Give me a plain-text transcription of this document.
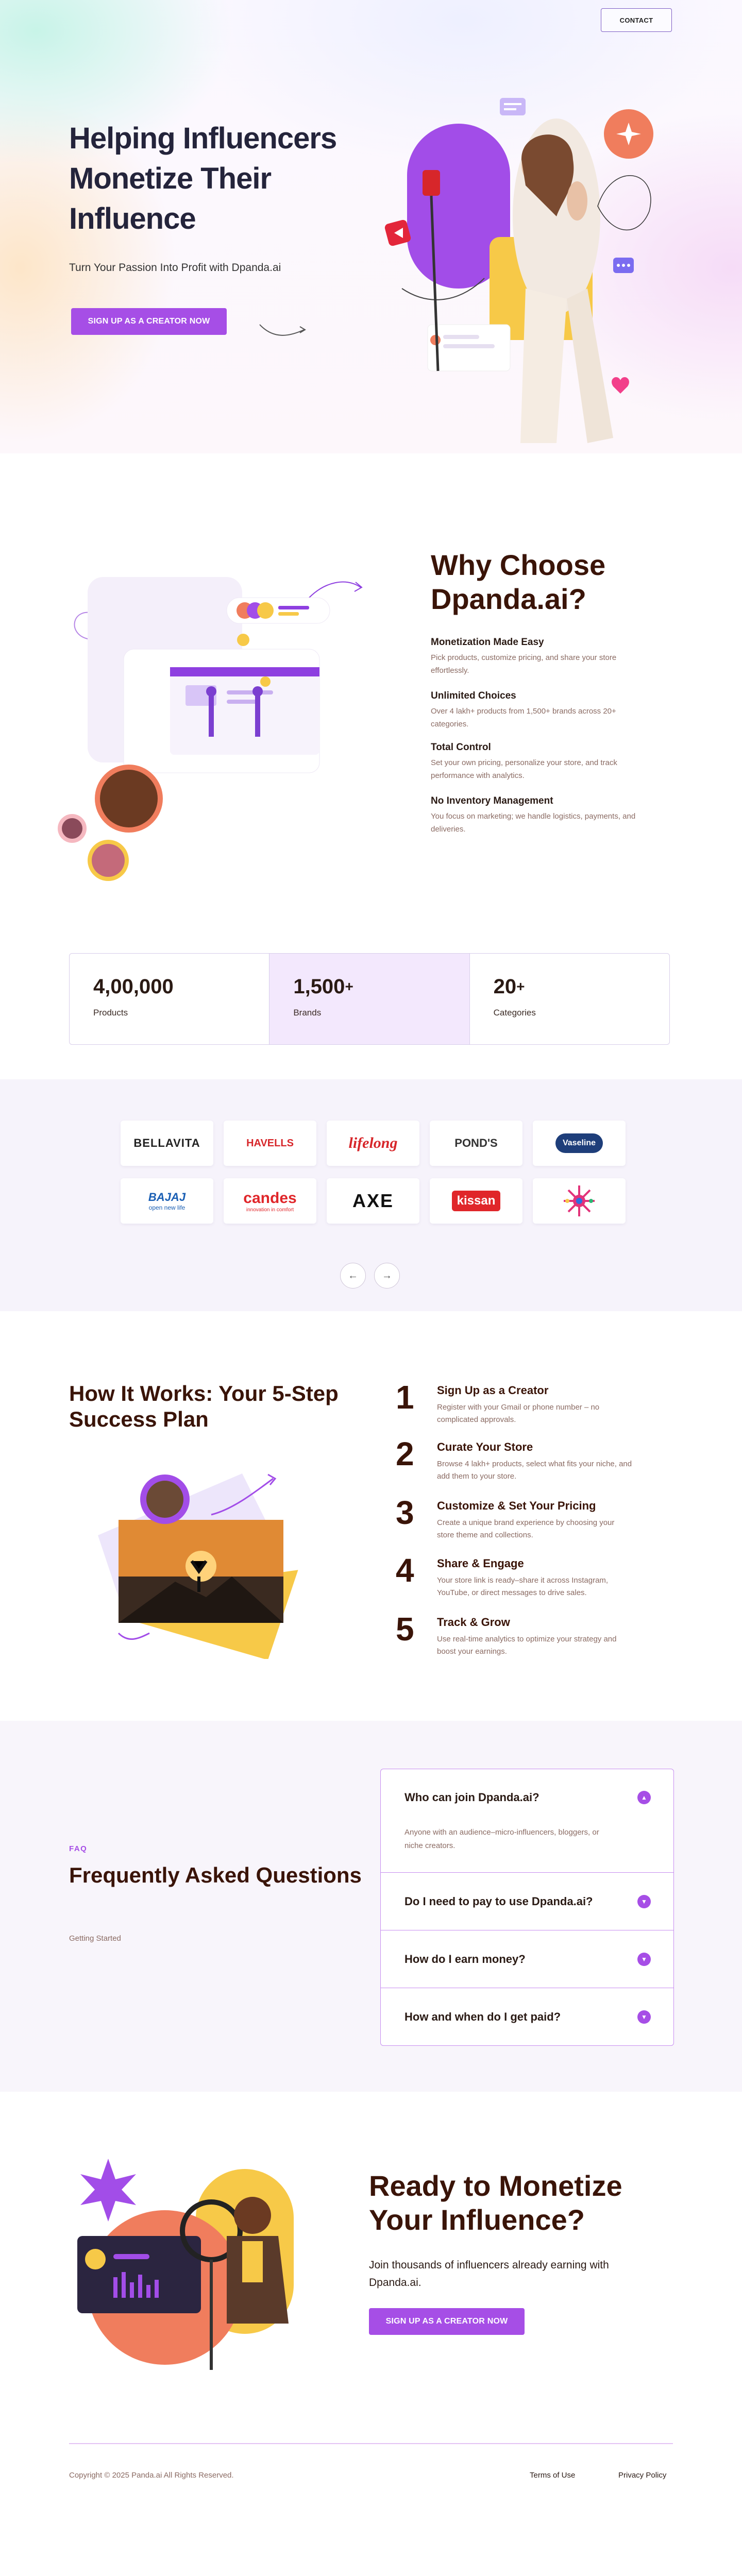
CONTACT
Helping Influencers Monetize Their Influence

Turn Your Passion Into Profit with Dpanda.ai

SIGN UP AS A CREATOR NOW
Why Choose Dpanda.ai?
Monetization Made Easy

Pick products, customize pricing, and share your store effortlessly.

Unlimited Choices

Over 4 lakh+ products from 1,500+ brands across 20+ categories.

Total Control

Set your own pricing, personalize your store, and track performance with analytics.

No Inventory Management

You focus on marketing; we handle logistics, payments, and deliveries.

4,00,000
Products
1,500+
Brands
20+
Categories
BELLAVITA	HAVELLS	lifelong	POND'S	Vaseline
BAJAJ
open new life
candes
innovation in comfort	AXE	kissan
←	→
How It Works: Your 5-Step Success Plan
1	Sign Up as a Creator

Register with your Gmail or phone number – no complicated approvals.

2	Curate Your Store

Browse 4 lakh+ products, select what fits your niche, and add them to your store.

3	Customize & Set Your Pricing

Create a unique brand experience by choosing your store theme and collections.

4	Share & Engage

Your store link is ready–share it across Instagram, YouTube, or direct messages to drive sales.

5	Track & Grow

Use real-time analytics to optimize your strategy and boost your earnings.

FAQ
Frequently Asked Questions
Getting Started
Who can join Dpanda.ai?	▲
Anyone with an audience–micro-influencers, bloggers, or niche creators.
Do I need to pay to use Dpanda.ai?	▼
How do I earn money?	▼
How and when do I get paid?	▼
Ready to Monetize Your Influence?

Join thousands of influencers already earning with Dpanda.ai.

SIGN UP AS A CREATOR NOW
Copyright © 2025 Panda.ai All Rights Reserved.	Terms of Use	Privacy Policy
